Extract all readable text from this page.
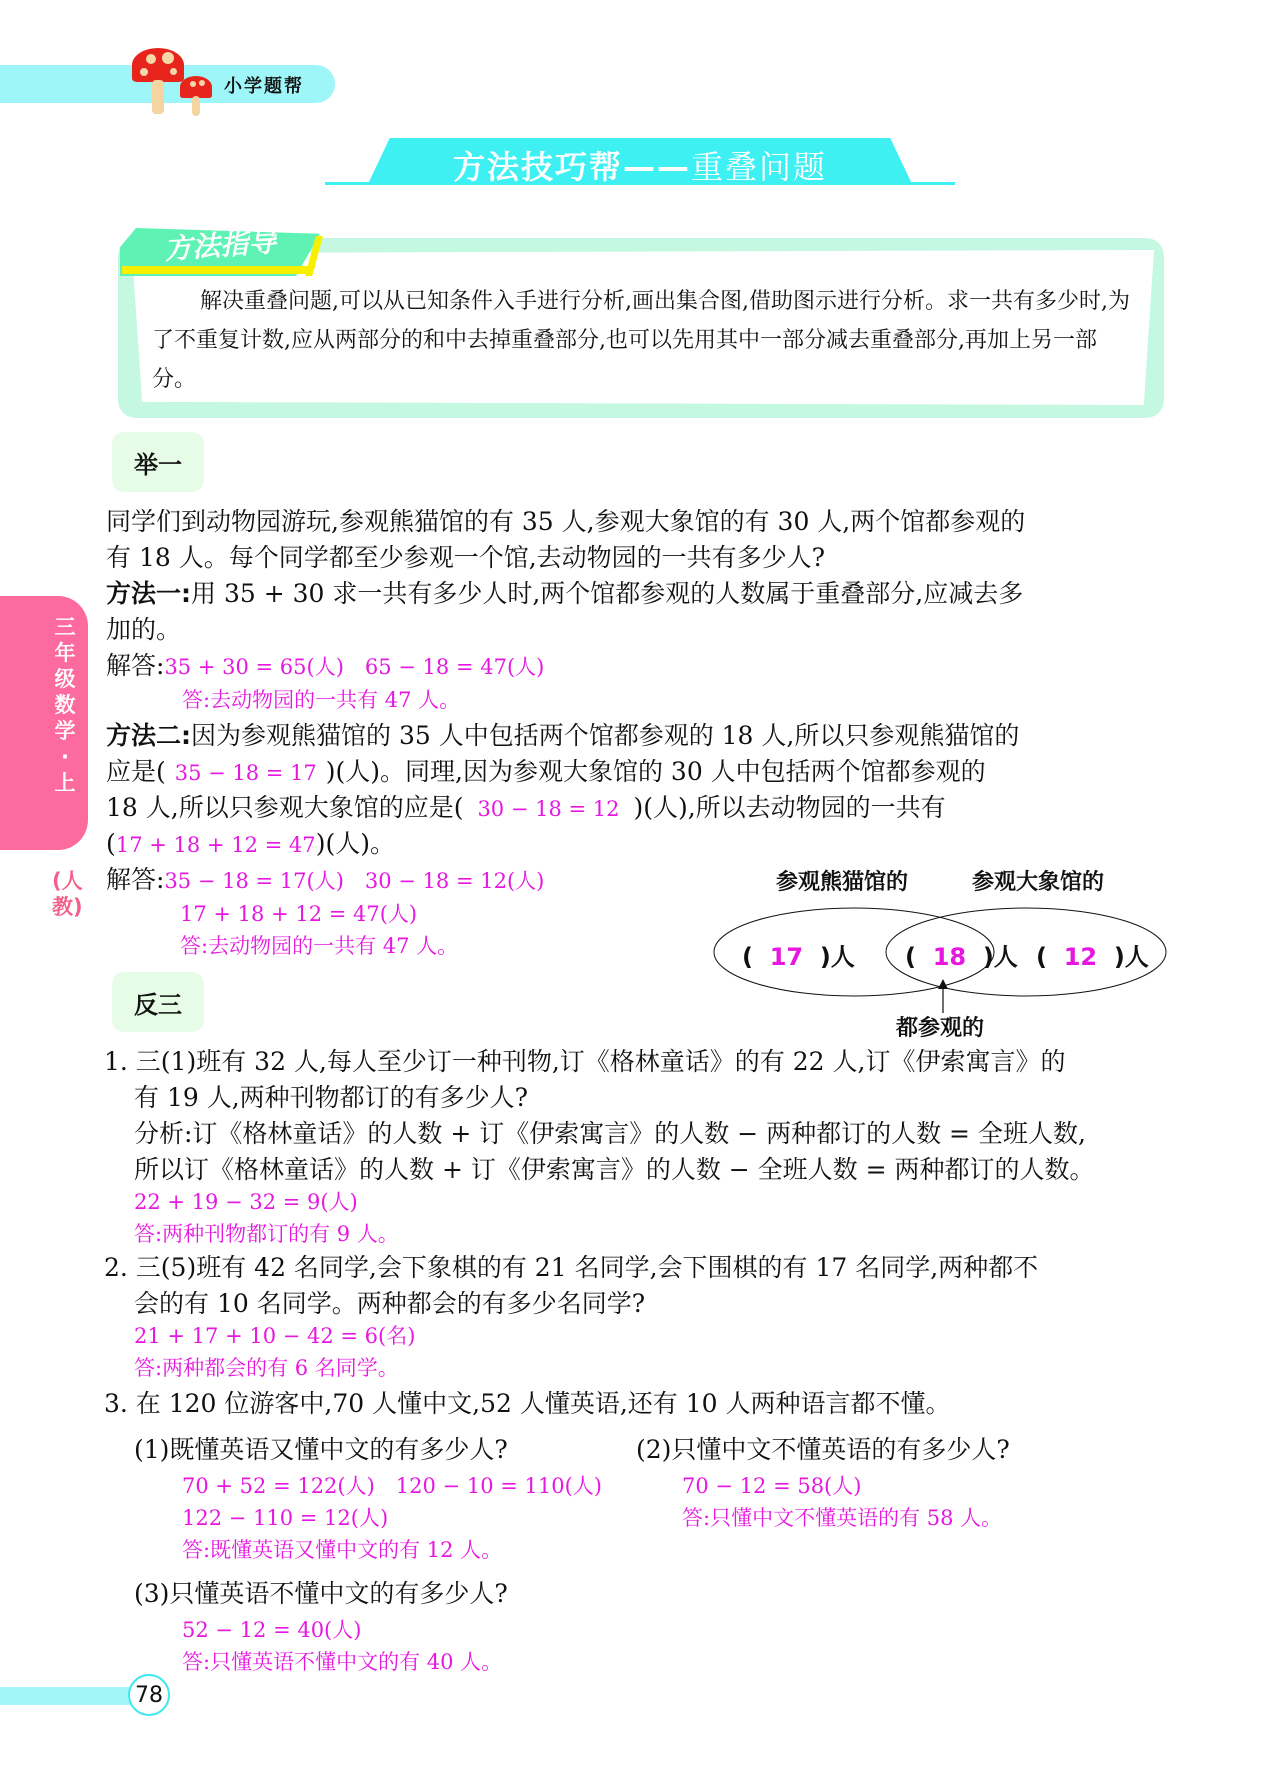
小学题帮
方法技巧帮——重叠问题
方法指导
解决重叠问题,可以从已知条件入手进行分析,画出集合图,借助图示进行分析。求一共有多少时,为了不重复计数,应从两部分的和中去掉重叠部分,也可以先用其中一部分减去重叠部分,再加上另一部分。
三年级数学·上
(人教)
举一
同学们到动物园游玩,参观熊猫馆的有 35 人,参观大象馆的有 30 人,两个馆都参观的
有 18 人。每个同学都至少参观一个馆,去动物园的一共有多少人?
方法一:用 35 + 30 求一共有多少人时,两个馆都参观的人数属于重叠部分,应减去多
加的。
解答:35 + 30 = 65(人)　65 − 18 = 47(人)
答:去动物园的一共有 47 人。
方法二:因为参观熊猫馆的 35 人中包括两个馆都参观的 18 人,所以只参观熊猫馆的
应是( 35 − 18 = 17 )(人)。同理,因为参观大象馆的 30 人中包括两个馆都参观的
18 人,所以只参观大象馆的应是( 30 − 18 = 12 )(人),所以去动物园的一共有
(17 + 18 + 12 = 47)(人)。
解答:35 − 18 = 17(人)　30 − 18 = 12(人)
17 + 18 + 12 = 47(人)
答:去动物园的一共有 47 人。
参观熊猫馆的	参观大象馆的
都参观的
( 17 )人 ( 18 )人 ( 12 )人
反三
1. 三(1)班有 32 人,每人至少订一种刊物,订《格林童话》的有 22 人,订《伊索寓言》的
有 19 人,两种刊物都订的有多少人?
分析:订《格林童话》的人数 + 订《伊索寓言》的人数 − 两种都订的人数 = 全班人数,
所以订《格林童话》的人数 + 订《伊索寓言》的人数 − 全班人数 = 两种都订的人数。
22 + 19 − 32 = 9(人)
答:两种刊物都订的有 9 人。
2. 三(5)班有 42 名同学,会下象棋的有 21 名同学,会下围棋的有 17 名同学,两种都不
会的有 10 名同学。两种都会的有多少名同学?
21 + 17 + 10 − 42 = 6(名)
答:两种都会的有 6 名同学。
3. 在 120 位游客中,70 人懂中文,52 人懂英语,还有 10 人两种语言都不懂。
(1)既懂英语又懂中文的有多少人?
70 + 52 = 122(人)　120 − 10 = 110(人)
122 − 110 = 12(人)
答:既懂英语又懂中文的有 12 人。
(2)只懂中文不懂英语的有多少人?
70 − 12 = 58(人)
答:只懂中文不懂英语的有 58 人。
(3)只懂英语不懂中文的有多少人?
52 − 12 = 40(人)
答:只懂英语不懂中文的有 40 人。
78
